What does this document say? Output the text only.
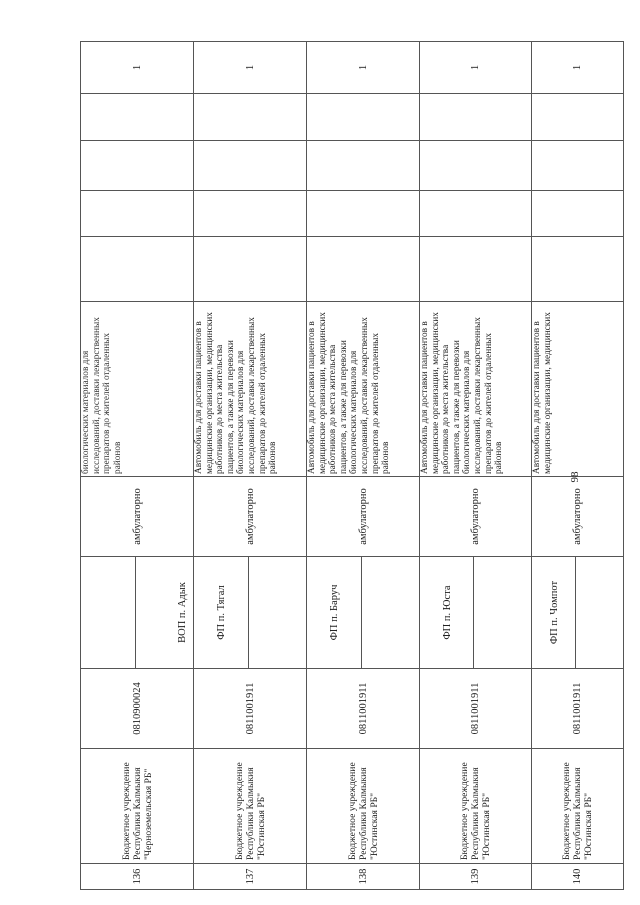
136	Бюджетное учреждение Республики Калмыкия "Черноземельская РБ"	0810900024	ВОП п. Адык	амбулаторно	биологических материалов для исследований, доставки лекарственных препаратов до жителей отдаленных районов					1
137	Бюджетное учреждение Республики Калмыкия "Юстинская РБ"	0811001911	ФП п. Тягал	амбулаторно	Автомобиль для доставки пациентов в медицинские организации, медицинских работников до места жительства пациентов, а также для перевозки биологических материалов для исследований, доставки лекарственных препаратов до жителей отдаленных районов					1
138	Бюджетное учреждение Республики Калмыкия "Юстинская РБ"	0811001911	ФП п. Баруч	амбулаторно	Автомобиль для доставки пациентов в медицинские организации, медицинских работников до места жительства пациентов, а также для перевозки биологических материалов для исследований, доставки лекарственных препаратов до жителей отдаленных районов					1
139	Бюджетное учреждение Республики Калмыкия "Юстинская РБ"	0811001911	ФП п. Юста	амбулаторно	Автомобиль для доставки пациентов в медицинские организации, медицинских работников до места жительства пациентов, а также для перевозки биологических материалов для исследований, доставки лекарственных препаратов до жителей отдаленных районов					1
140	Бюджетное учреждение Республики Калмыкия "Юстинская РБ"	0811001911	ФП п. Чомпот	амбулаторно	Автомобиль для доставки пациентов в медицинские организации, медицинских					1
98
